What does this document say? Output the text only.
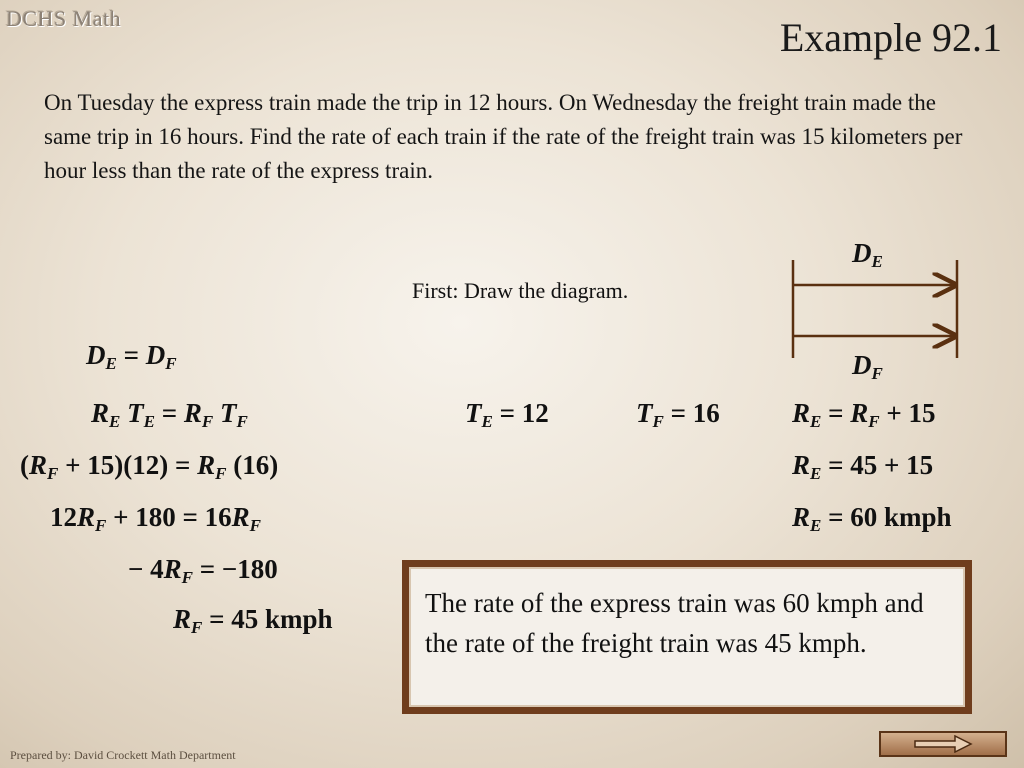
DCHS Math	Example 92.1
On Tuesday the express train made the trip in 12 hours. On Wednesday the freight train made the same trip in 16 hours. Find the rate of each train if the rate of the freight train was 15 kilometers per hour less than the rate of the express train.
First: Draw the diagram.
$D_E$
$D_F$
$D_E = D_F$
$R_E$ $T_E = R_F$ $T_F$
$(R_F + 15)(12) = R_F$ (16)
$12R_F + 180 = 16R_F$
− $4R_F = -180$
$R_F = 45$ kmph
$T_E = 12$	$T_F = 16$	$R_E = R_F + 15$
$R_E = 45 + 15$
$R_E = 60$ kmph
The rate of the express train was 60 kmph and the rate of the freight train was 45 kmph.
Prepared by: David Crockett Math Department
